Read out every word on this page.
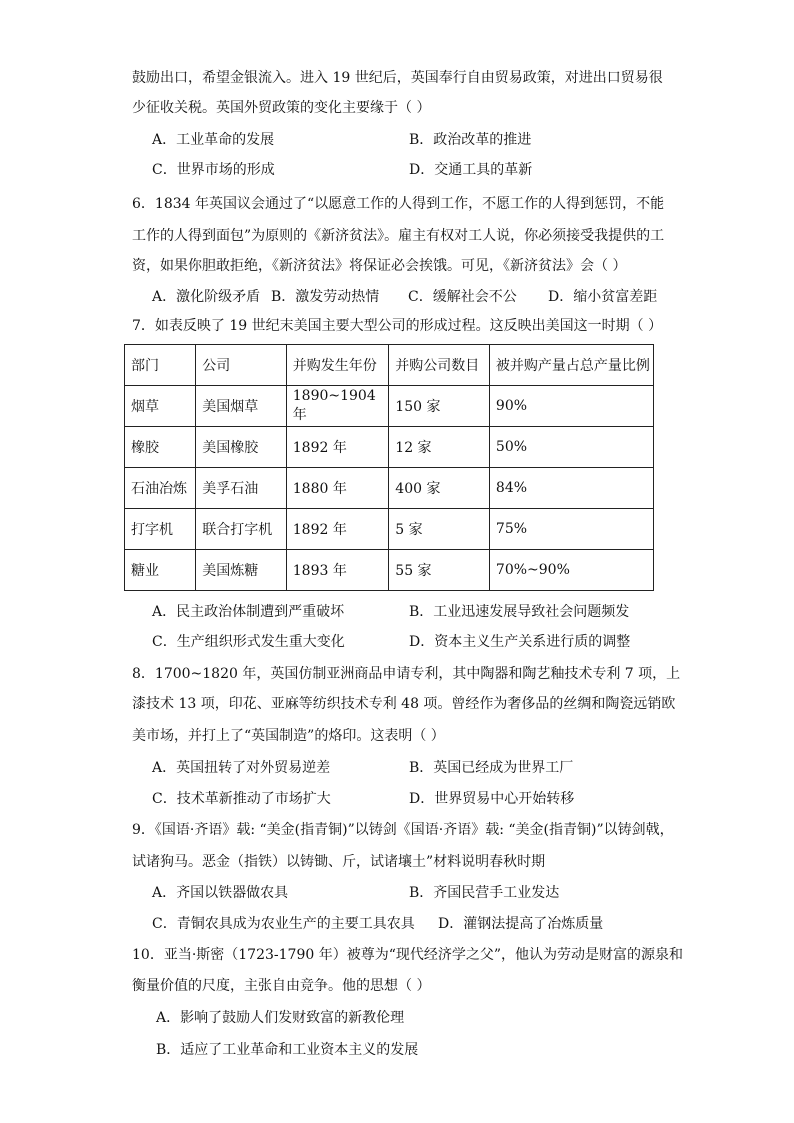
鼓励出口，希望金银流入。进入 19 世纪后，英国奉行自由贸易政策，对进出口贸易很
少征收关税。英国外贸政策的变化主要缘于（ ）
A．工业革命的发展	B．政治改革的推进
C．世界市场的形成	D．交通工具的革新
6．1834 年英国议会通过了“以愿意工作的人得到工作，不愿工作的人得到惩罚，不能
工作的人得到面包”为原则的《新济贫法》。雇主有权对工人说，你必须接受我提供的工
资，如果你胆敢拒绝，《新济贫法》将保证必会挨饿。可见，《新济贫法》会（ ）
A．激化阶级矛盾 B．激发劳动热情 C．缓解社会不公 D．缩小贫富差距
7．如表反映了 19 世纪末美国主要大型公司的形成过程。这反映出美国这一时期（ ）
部门	公司	并购发生年份	并购公司数目	被并购产量占总产量比例
烟草	美国烟草	1890~1904 年	150 家	90%
橡胶	美国橡胶	1892 年	12 家	50%
石油冶炼	美孚石油	1880 年	400 家	84%
打字机	联合打字机	1892 年	5 家	75%
糖业	美国炼糖	1893 年	55 家	70%~90%
A．民主政治体制遭到严重破坏	B．工业迅速发展导致社会问题频发
C．生产组织形式发生重大变化	D．资本主义生产关系进行质的调整
8．1700~1820 年，英国仿制亚洲商品申请专利，其中陶器和陶艺釉技术专利 7 项，上
漆技术 13 项，印花、亚麻等纺织技术专利 48 项。曾经作为奢侈品的丝绸和陶瓷远销欧
美市场，并打上了“英国制造”的烙印。这表明（ ）
A．英国扭转了对外贸易逆差	B．英国已经成为世界工厂
C．技术革新推动了市场扩大	D．世界贸易中心开始转移
9．《国语·齐语》载: “美金(指青铜)”以铸剑《国语·齐语》载: “美金(指青铜)”以铸剑戟，
试诸狗马。恶金（指铁）以铸锄、斤，试诸壤土”材料说明春秋时期
A．齐国以铁器做农具	B．齐国民营手工业发达
C．青铜农具成为农业生产的主要工具农具 D．灌钢法提高了冶炼质量
10．亚当·斯密（1723-1790 年）被尊为“现代经济学之父”，他认为劳动是财富的源泉和
衡量价值的尺度，主张自由竞争。他的思想（ ）
A．影响了鼓励人们发财致富的新教伦理
B．适应了工业革命和工业资本主义的发展
